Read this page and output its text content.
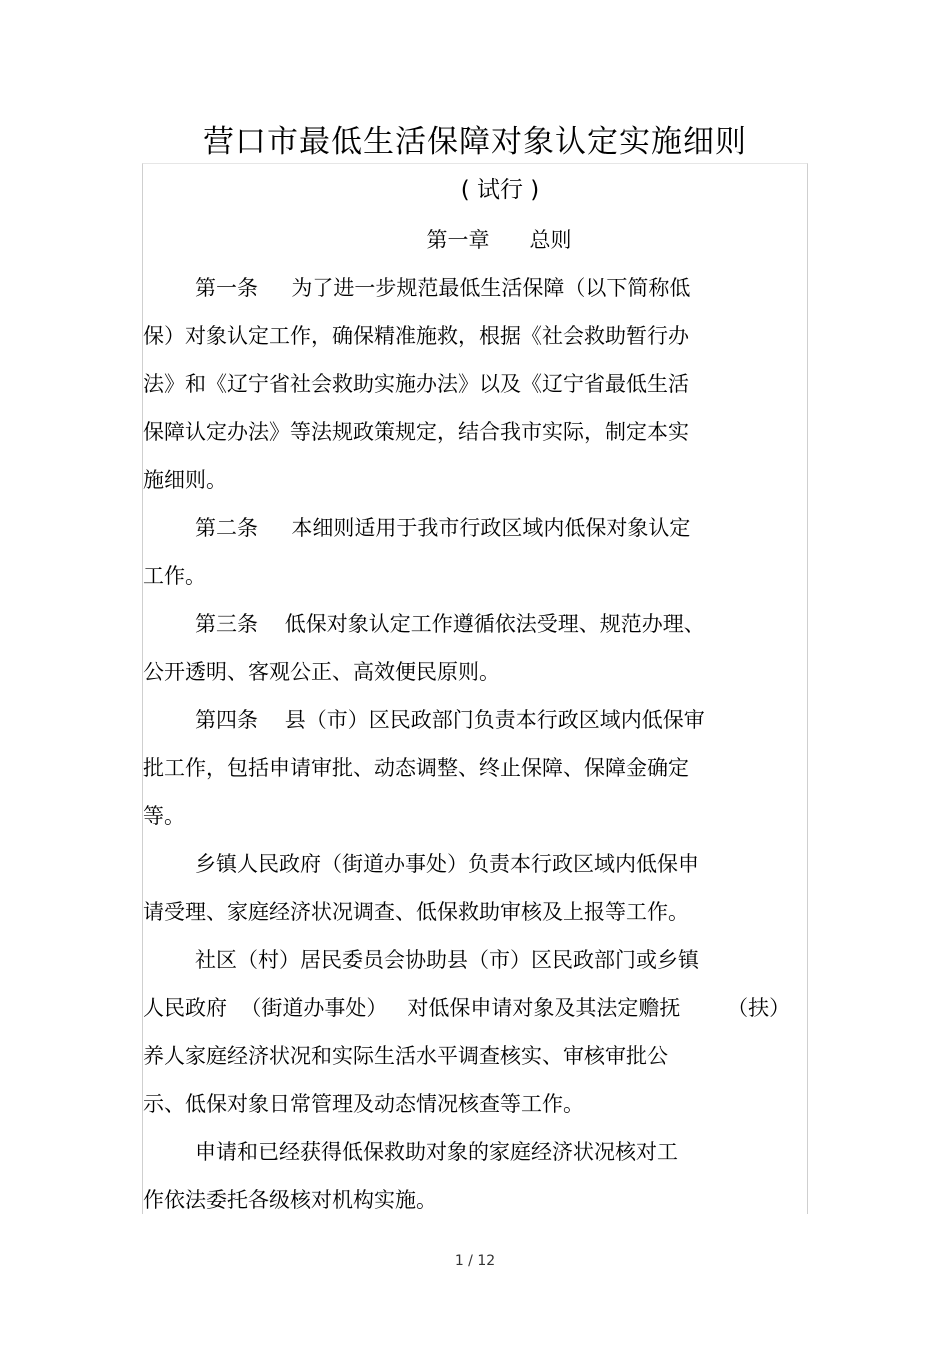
营口市最低生活保障对象认定实施细则
( 试行 )
第一章 总则
第一条     为了进一步规范最低生活保障（以下简称低
保）对象认定工作，确保精准施救，根据《社会救助暂行办
法》和《辽宁省社会救助实施办法》以及《辽宁省最低生活
保障认定办法》等法规政策规定，结合我市实际，制定本实
施细则。
第二条     本细则适用于我市行政区域内低保对象认定
工作。
第三条    低保对象认定工作遵循依法受理、规范办理、
公开透明、客观公正、高效便民原则。
第四条    县（市）区民政部门负责本行政区域内低保审
批工作，包括申请审批、动态调整、终止保障、保障金确定
等。
乡镇人民政府（街道办事处）负责本行政区域内低保申
请受理、家庭经济状况调查、低保救助审核及上报等工作。
社区（村）居民委员会协助县（市）区民政部门或乡镇
人民政府  （街道办事处）   对低保申请对象及其法定赡抚       （扶）
养人家庭经济状况和实际生活水平调查核实、审核审批公
示、低保对象日常管理及动态情况核查等工作。
申请和已经获得低保救助对象的家庭经济状况核对工
作依法委托各级核对机构实施。
1 / 12
